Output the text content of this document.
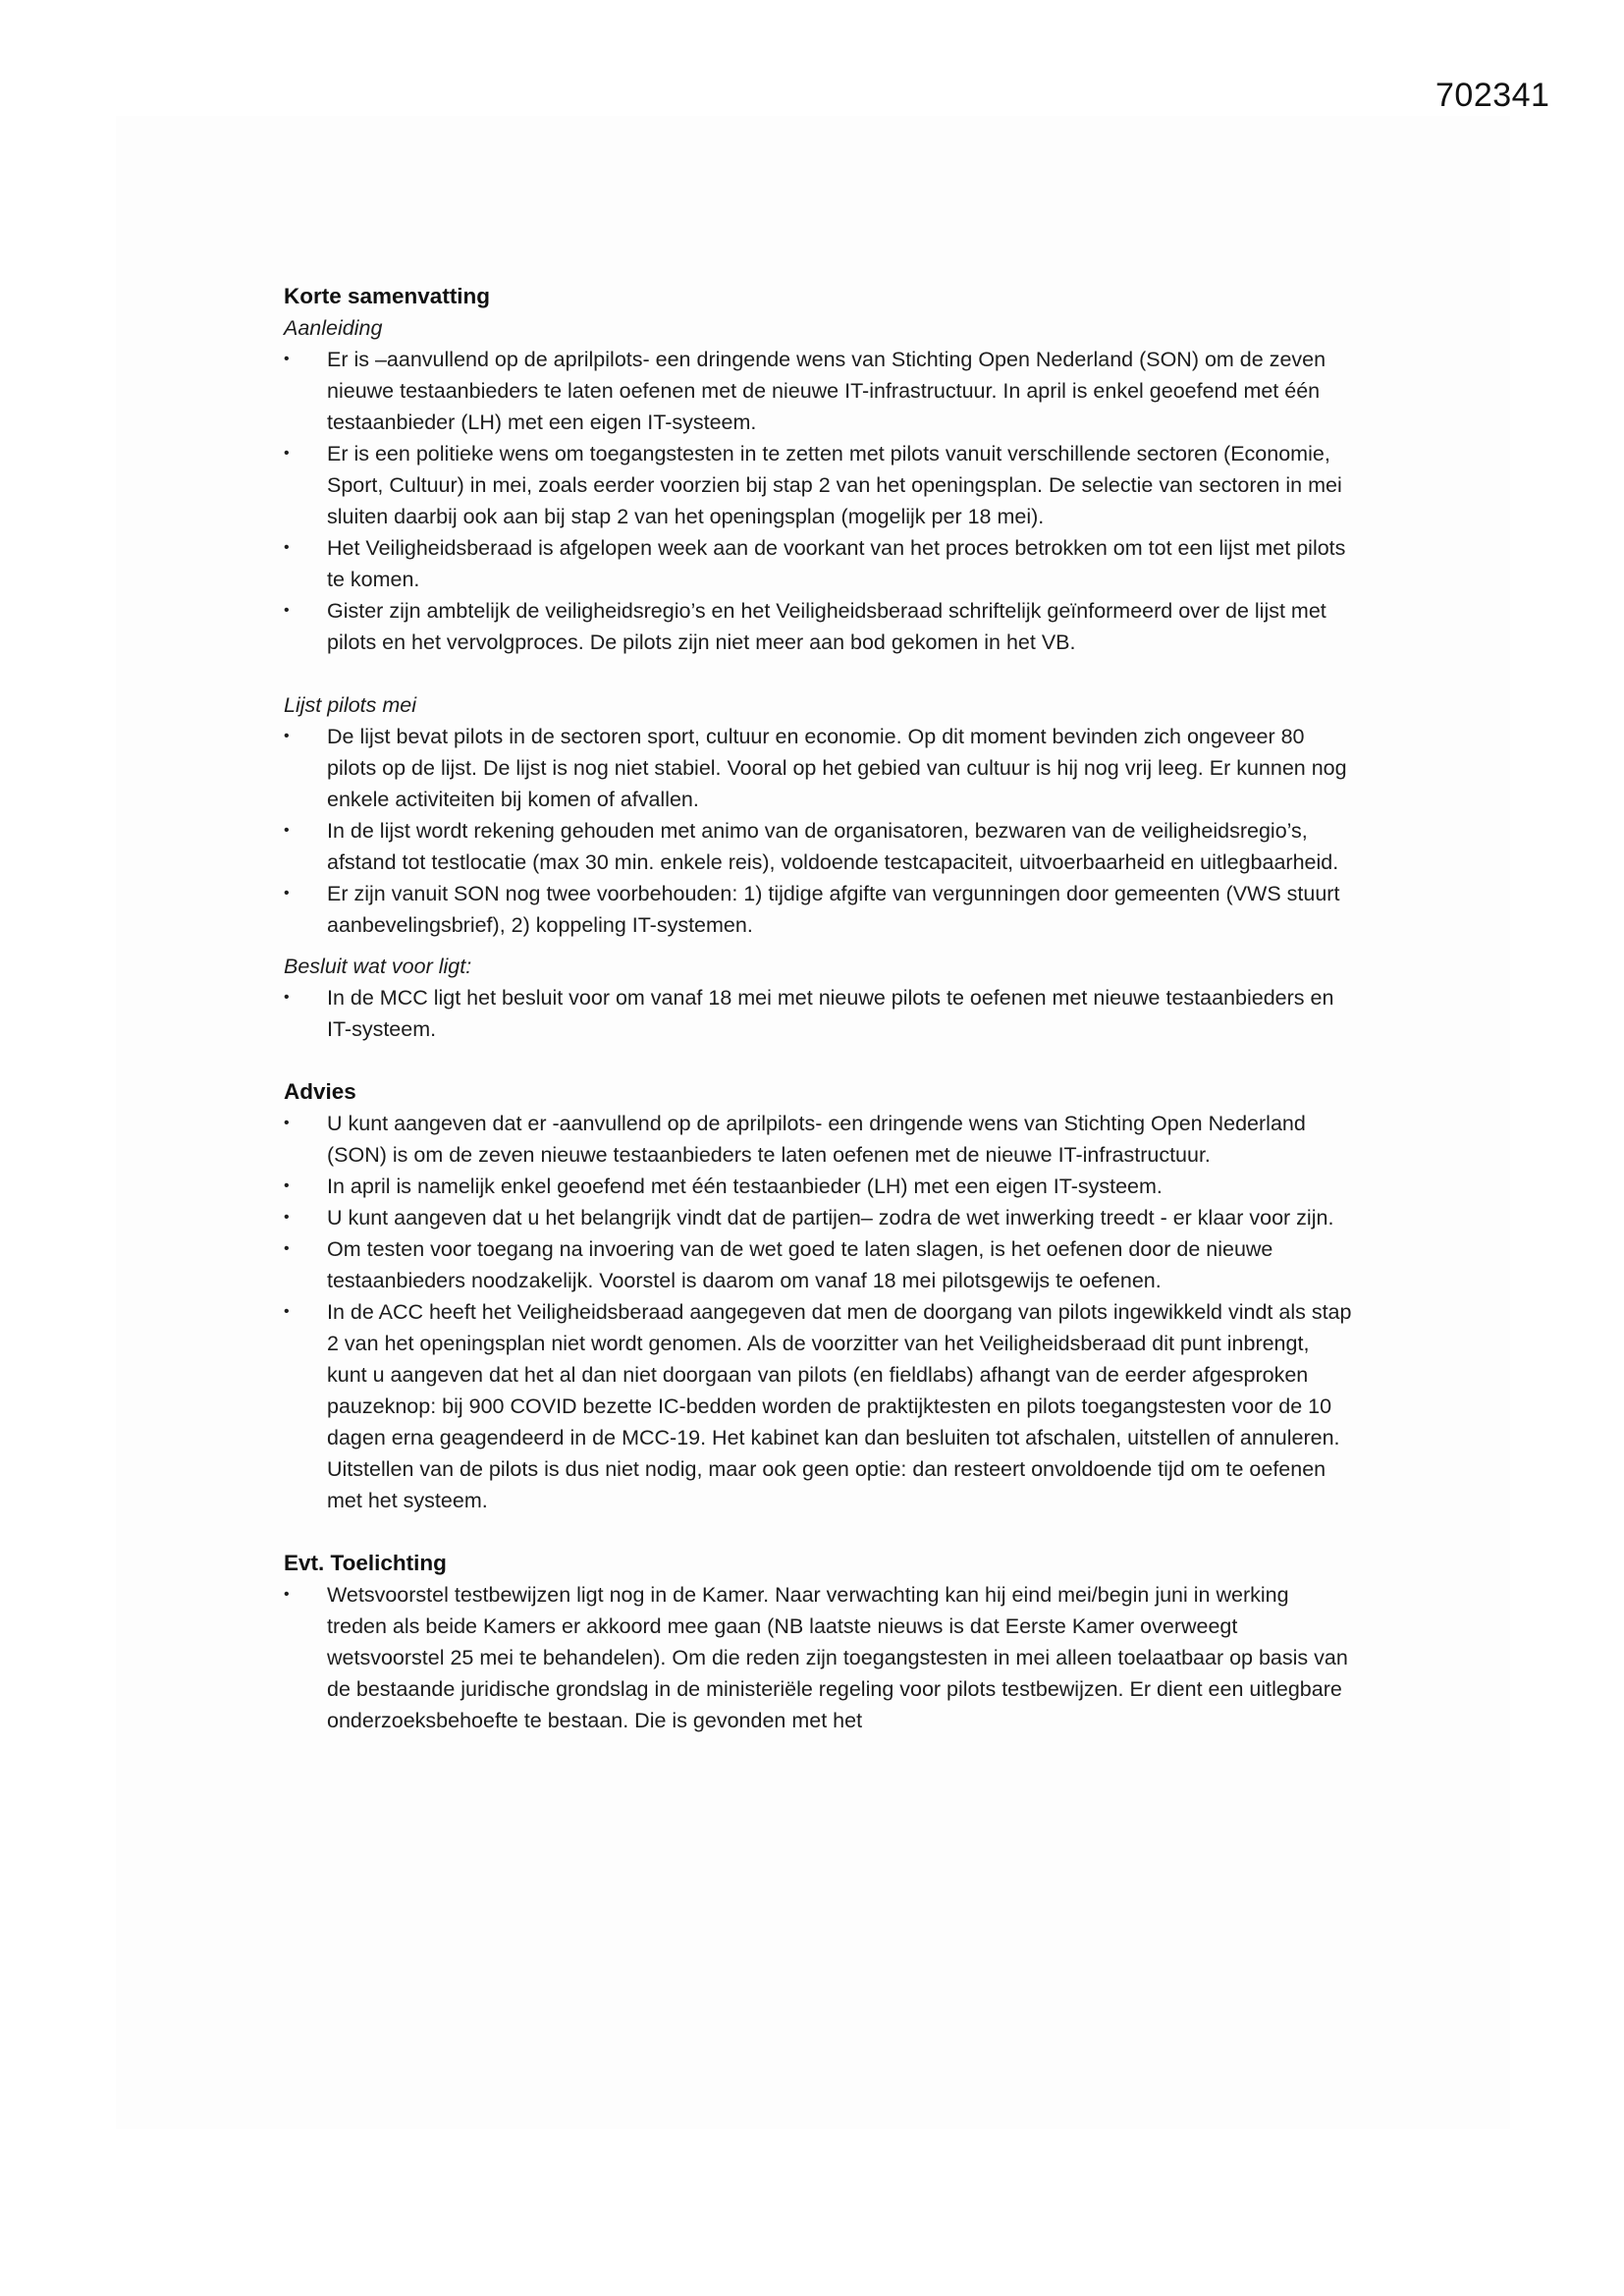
702341
Korte samenvatting
Aanleiding
•	Er is –aanvullend op de aprilpilots- een dringende wens van Stichting Open Nederland (SON) om de zeven nieuwe testaanbieders te laten oefenen met de nieuwe IT-infrastructuur. In april is enkel geoefend met één testaanbieder (LH) met een eigen IT-systeem.
•	Er is een politieke wens om toegangstesten in te zetten met pilots vanuit verschillende sectoren (Economie, Sport, Cultuur) in mei, zoals eerder voorzien bij stap 2 van het openingsplan. De selectie van sectoren in mei sluiten daarbij ook aan bij stap 2 van het openingsplan (mogelijk per 18 mei).
•	Het Veiligheidsberaad is afgelopen week aan de voorkant van het proces betrokken om tot een lijst met pilots te komen.
•	Gister zijn ambtelijk de veiligheidsregio’s en het Veiligheidsberaad schriftelijk geïnformeerd over de lijst met pilots en het vervolgproces. De pilots zijn niet meer aan bod gekomen in het VB.
Lijst pilots mei
•	De lijst bevat pilots in de sectoren sport, cultuur en economie. Op dit moment bevinden zich ongeveer 80 pilots op de lijst. De lijst is nog niet stabiel. Vooral op het gebied van cultuur is hij nog vrij leeg. Er kunnen nog enkele activiteiten bij komen of afvallen.
•	In de lijst wordt rekening gehouden met animo van de organisatoren, bezwaren van de veiligheidsregio’s, afstand tot testlocatie (max 30 min. enkele reis), voldoende testcapaciteit, uitvoerbaarheid en uitlegbaarheid.
•	Er zijn vanuit SON nog twee voorbehouden: 1) tijdige afgifte van vergunningen door gemeenten (VWS stuurt aanbevelingsbrief), 2) koppeling IT-systemen.
Besluit wat voor ligt:
•	In de MCC ligt het besluit voor om vanaf 18 mei met nieuwe pilots te oefenen met nieuwe testaanbieders en IT-systeem.
Advies
•	U kunt aangeven dat er -aanvullend op de aprilpilots- een dringende wens van Stichting Open Nederland (SON) is om de zeven nieuwe testaanbieders te laten oefenen met de nieuwe IT-infrastructuur.
•	In april is namelijk enkel geoefend met één testaanbieder (LH) met een eigen IT-systeem.
•	U kunt aangeven dat u het belangrijk vindt dat de partijen– zodra de wet inwerking treedt - er klaar voor zijn.
•	Om testen voor toegang na invoering van de wet goed te laten slagen, is het oefenen door de nieuwe testaanbieders noodzakelijk. Voorstel is daarom om vanaf 18 mei pilotsgewijs te oefenen.
•	In de ACC heeft het Veiligheidsberaad aangegeven dat men de doorgang van pilots ingewikkeld vindt als stap 2 van het openingsplan niet wordt genomen. Als de voorzitter van het Veiligheidsberaad dit punt inbrengt, kunt u aangeven dat het al dan niet doorgaan van pilots (en fieldlabs) afhangt van de eerder afgesproken pauzeknop: bij 900 COVID bezette IC-bedden worden de praktijktesten en pilots toegangstesten voor de 10 dagen erna geagendeerd in de MCC-19. Het kabinet kan dan besluiten tot afschalen, uitstellen of annuleren. Uitstellen van de pilots is dus niet nodig, maar ook geen optie: dan resteert onvoldoende tijd om te oefenen met het systeem.
Evt. Toelichting
•	Wetsvoorstel testbewijzen ligt nog in de Kamer. Naar verwachting kan hij eind mei/begin juni in werking treden als beide Kamers er akkoord mee gaan (NB laatste nieuws is dat Eerste Kamer overweegt wetsvoorstel 25 mei te behandelen). Om die reden zijn toegangstesten in mei alleen toelaatbaar op basis van de bestaande juridische grondslag in de ministeriële regeling voor pilots testbewijzen. Er dient een uitlegbare onderzoeksbehoefte te bestaan. Die is gevonden met het
